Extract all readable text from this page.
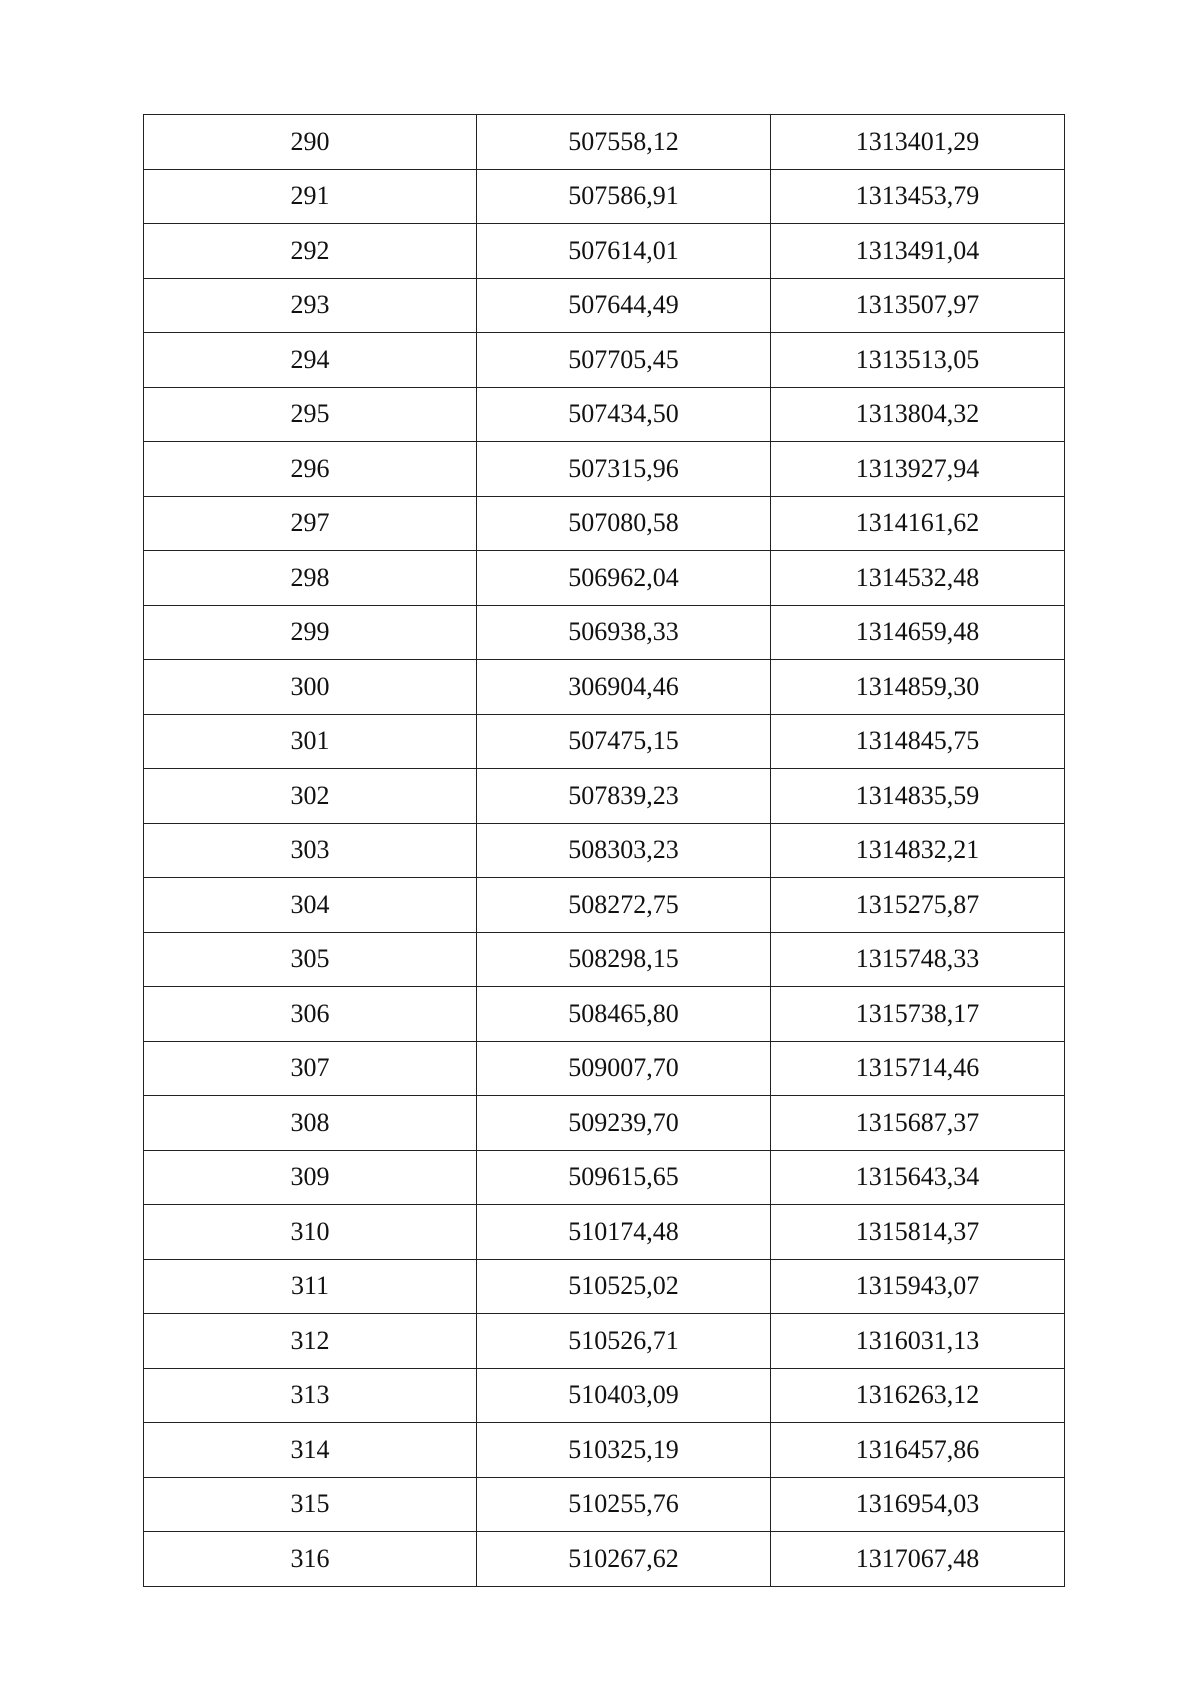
290	507558,12	1313401,29
291	507586,91	1313453,79
292	507614,01	1313491,04
293	507644,49	1313507,97
294	507705,45	1313513,05
295	507434,50	1313804,32
296	507315,96	1313927,94
297	507080,58	1314161,62
298	506962,04	1314532,48
299	506938,33	1314659,48
300	306904,46	1314859,30
301	507475,15	1314845,75
302	507839,23	1314835,59
303	508303,23	1314832,21
304	508272,75	1315275,87
305	508298,15	1315748,33
306	508465,80	1315738,17
307	509007,70	1315714,46
308	509239,70	1315687,37
309	509615,65	1315643,34
310	510174,48	1315814,37
311	510525,02	1315943,07
312	510526,71	1316031,13
313	510403,09	1316263,12
314	510325,19	1316457,86
315	510255,76	1316954,03
316	510267,62	1317067,48
